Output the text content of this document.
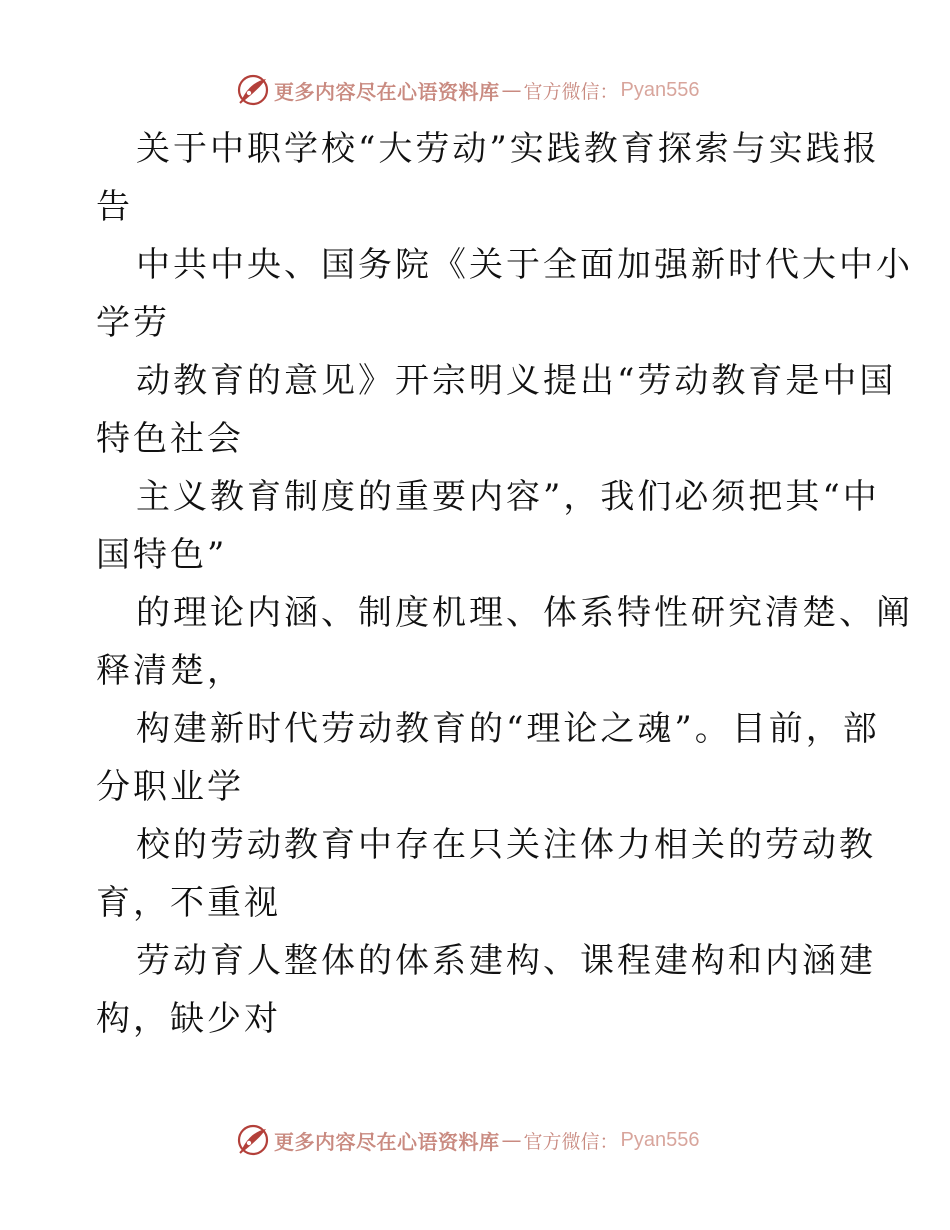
更多内容尽在心语资料库 — 官方微信： Pyan556
关于中职学校“大劳动”实践教育探索与实践报
告
中共中央、国务院《关于全面加强新时代大中小
学劳
动教育的意见》开宗明义提出“劳动教育是中国
特色社会
主义教育制度的重要内容”，我们必须把其“中
国特色”
的理论内涵、制度机理、体系特性研究清楚、阐
释清楚，
构建新时代劳动教育的“理论之魂”。目前，部
分职业学
校的劳动教育中存在只关注体力相关的劳动教
育，不重视
劳动育人整体的体系建构、课程建构和内涵建
构，缺少对
更多内容尽在心语资料库 — 官方微信： Pyan556
